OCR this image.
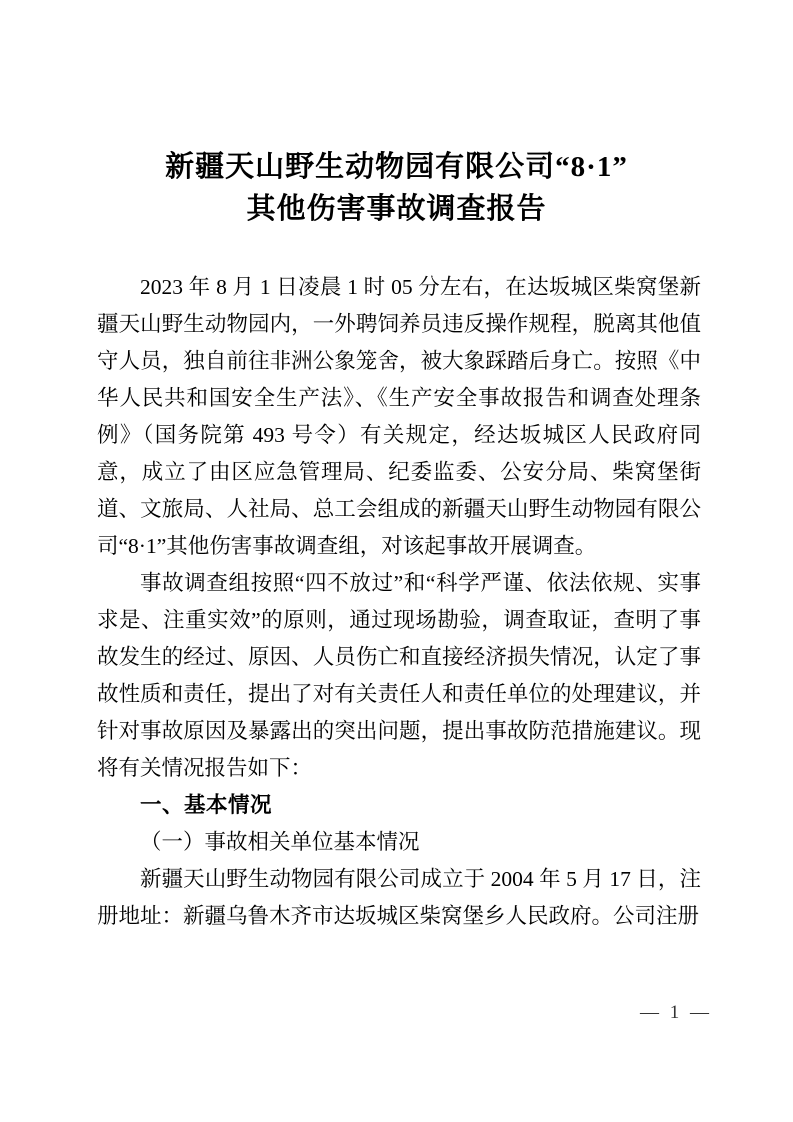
新疆天山野生动物园有限公司“8·1”
其他伤害事故调查报告

2023 年 8 月 1 日凌晨 1 时 05 分左右，在达坂城区柴窝堡新疆天山野生动物园内，一外聘饲养员违反操作规程，脱离其他值守人员，独自前往非洲公象笼舍，被大象踩踏后身亡。按照《中华人民共和国安全生产法》、《生产安全事故报告和调查处理条例》（国务院第 493 号令）有关规定，经达坂城区人民政府同意，成立了由区应急管理局、纪委监委、公安分局、柴窝堡街道、文旅局、人社局、总工会组成的新疆天山野生动物园有限公司“8·1”其他伤害事故调查组，对该起事故开展调查。

事故调查组按照“四不放过”和“科学严谨、依法依规、实事求是、注重实效”的原则，通过现场勘验，调查取证，查明了事故发生的经过、原因、人员伤亡和直接经济损失情况，认定了事故性质和责任，提出了对有关责任人和责任单位的处理建议，并针对事故原因及暴露出的突出问题，提出事故防范措施建议。现将有关情况报告如下：

一、基本情况
（一）事故相关单位基本情况

新疆天山野生动物园有限公司成立于 2004 年 5 月 17 日，注册地址：新疆乌鲁木齐市达坂城区柴窝堡乡人民政府。公司注册

— 1 —
